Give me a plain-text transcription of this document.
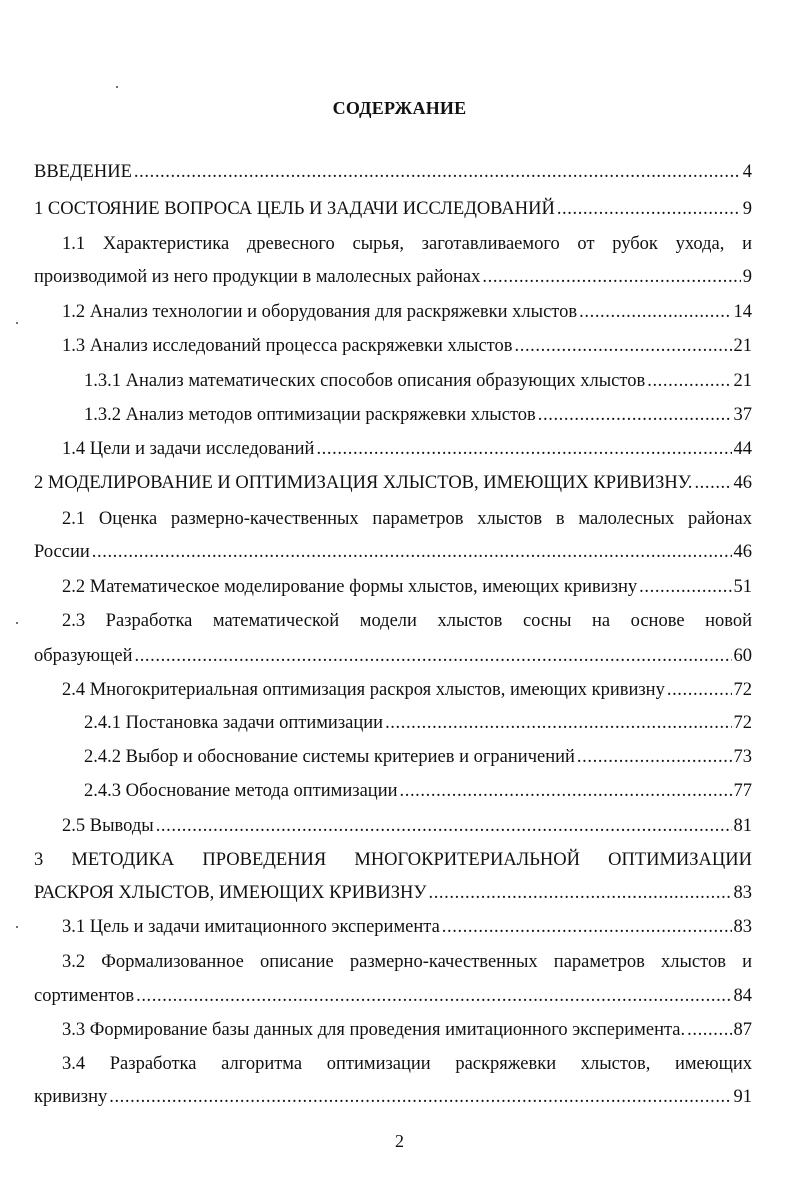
СОДЕРЖАНИЕ
ВВЕДЕНИЕ .....	4
1 СОСТОЯНИЕ ВОПРОСА ЦЕЛЬ И ЗАДАЧИ ИССЛЕДОВАНИЙ .....	9
1.1 Характеристика древесного сырья, заготавливаемого от рубок ухода, и
производимой из него продукции в малолесных районах .....	9
1.2 Анализ технологии и оборудования для раскряжевки хлыстов .....	14
1.3 Анализ исследований процесса раскряжевки хлыстов .....	21
1.3.1 Анализ математических способов описания образующих хлыстов .....	21
1.3.2 Анализ методов оптимизации раскряжевки хлыстов .....	37
1.4 Цели и задачи исследований .....	44
2 МОДЕЛИРОВАНИЕ И ОПТИМИЗАЦИЯ ХЛЫСТОВ, ИМЕЮЩИХ КРИВИЗНУ. ..... 46
2.1 Оценка размерно-качественных параметров хлыстов в малолесных районах
России .....	46
2.2 Математическое моделирование формы хлыстов, имеющих кривизну .....	51
2.3 Разработка математической модели хлыстов сосны на основе новой
образующей .....	60
2.4 Многокритериальная оптимизация раскроя хлыстов, имеющих кривизну .....	72
2.4.1 Постановка задачи оптимизации .....	72
2.4.2 Выбор и обоснование системы критериев и ограничений .....	73
2.4.3 Обоснование метода оптимизации .....	77
2.5 Выводы .....	81
3 МЕТОДИКА ПРОВЕДЕНИЯ МНОГОКРИТЕРИАЛЬНОЙ ОПТИМИЗАЦИИ
РАСКРОЯ ХЛЫСТОВ, ИМЕЮЩИХ КРИВИЗНУ .....	83
3.1 Цель и задачи имитационного эксперимента .....	83
3.2 Формализованное описание размерно-качественных параметров хлыстов и
сортиментов .....	84
3.3 Формирование базы данных для проведения имитационного эксперимента. .....	87
3.4 Разработка алгоритма оптимизации раскряжевки хлыстов, имеющих
кривизну .....	91
2
